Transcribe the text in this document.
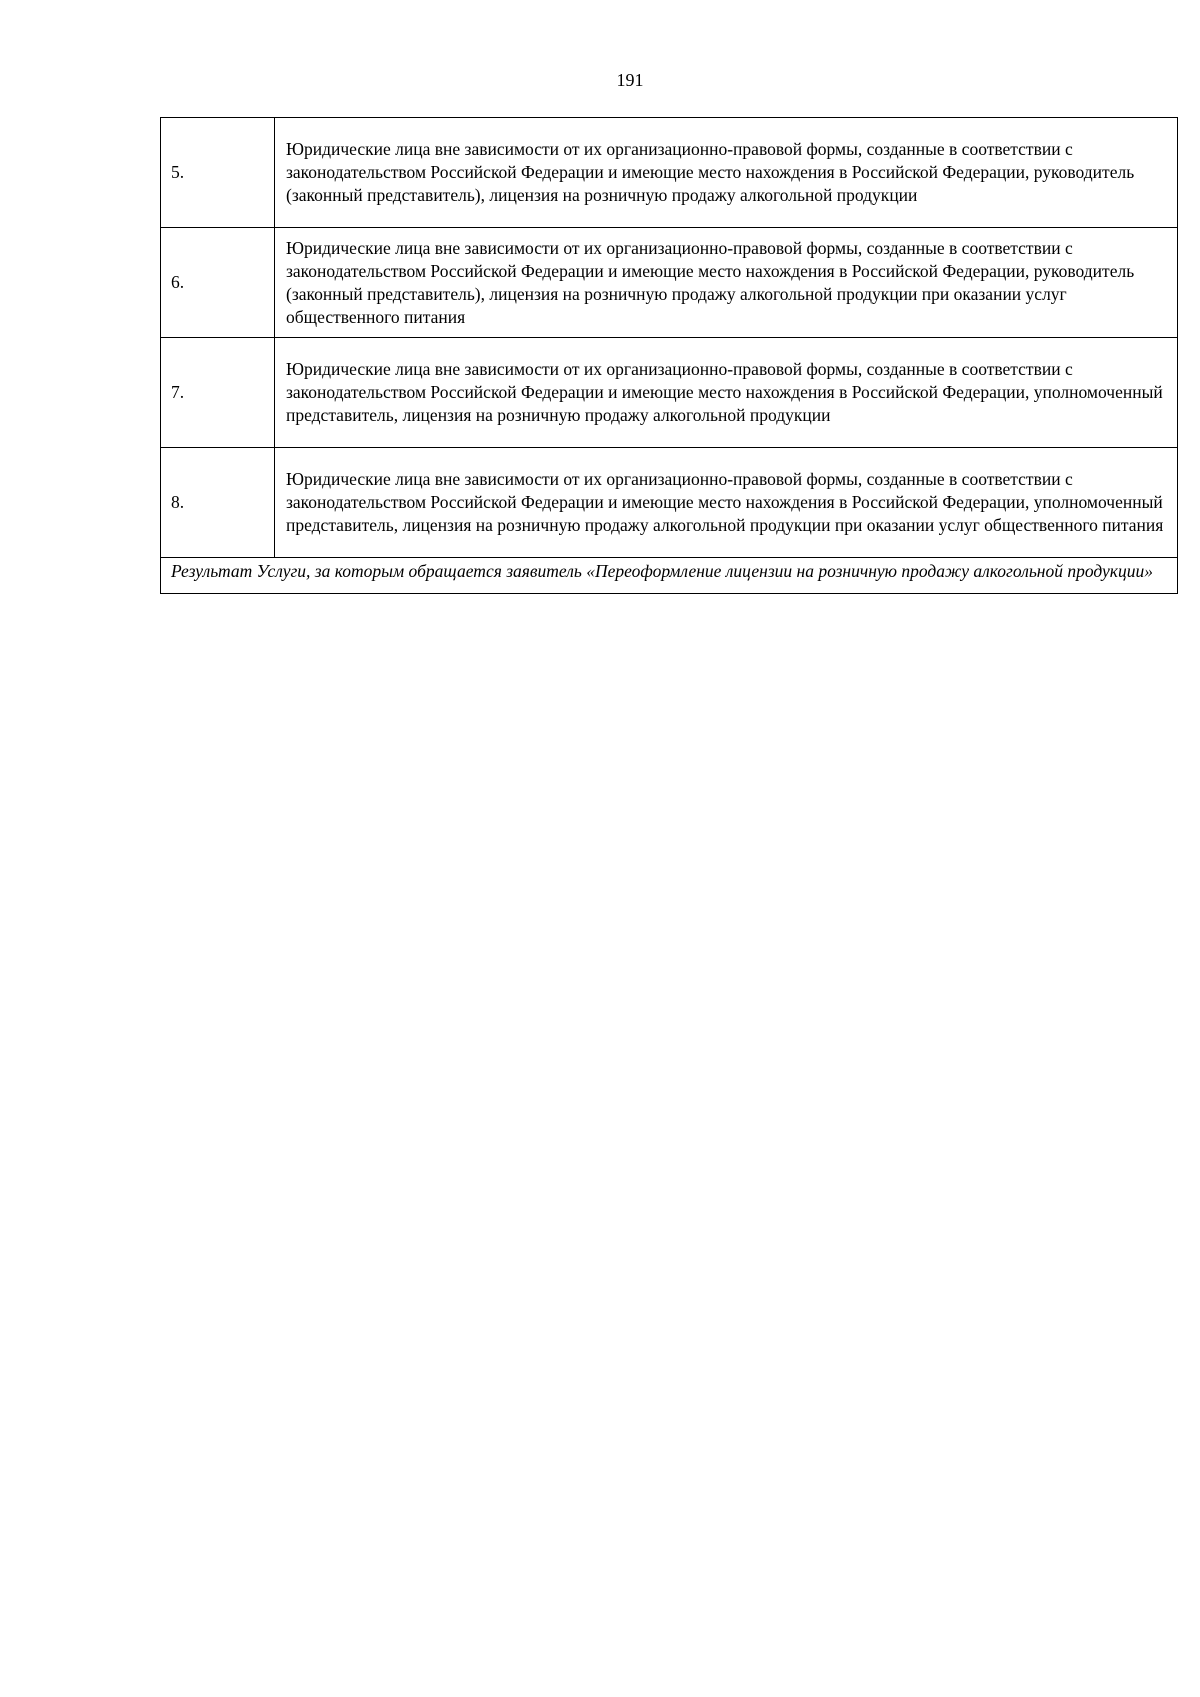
191
5.	Юридические лица вне зависимости от их организационно-правовой формы, созданные в соответствии с законодательством Российской Федерации и имеющие место нахождения в Российской Федерации, руководитель (законный представитель), лицензия на розничную продажу алкогольной продукции
6.	Юридические лица вне зависимости от их организационно-правовой формы, созданные в соответствии с законодательством Российской Федерации и имеющие место нахождения в Российской Федерации, руководитель (законный представитель), лицензия на розничную продажу алкогольной продукции при оказании услуг общественного питания
7.	Юридические лица вне зависимости от их организационно-правовой формы, созданные в соответствии с законодательством Российской Федерации и имеющие место нахождения в Российской Федерации, уполномоченный представитель, лицензия на розничную продажу алкогольной продукции
8.	Юридические лица вне зависимости от их организационно-правовой формы, созданные в соответствии с законодательством Российской Федерации и имеющие место нахождения в Российской Федерации, уполномоченный представитель, лицензия на розничную продажу алкогольной продукции при оказании услуг общественного питания
Результат Услуги, за которым обращается заявитель «Переоформление лицензии на розничную продажу алкогольной продукции»	
